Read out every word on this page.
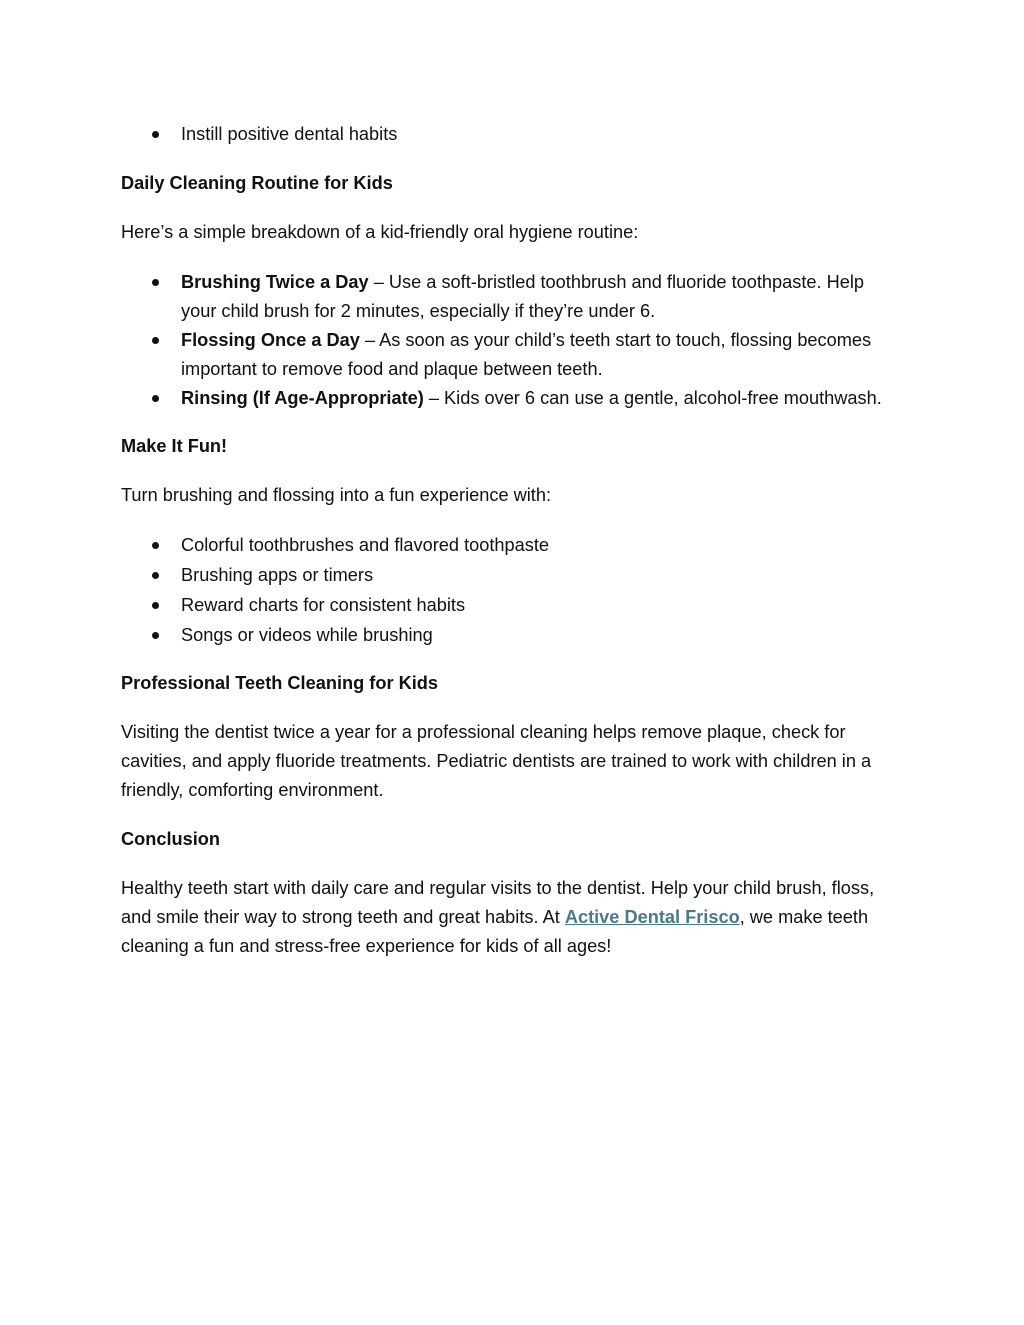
Instill positive dental habits

Daily Cleaning Routine for Kids

Here’s a simple breakdown of a kid-friendly oral hygiene routine:

Brushing Twice a Day – Use a soft-bristled toothbrush and fluoride toothpaste. Help your child brush for 2 minutes, especially if they’re under 6.
Flossing Once a Day – As soon as your child’s teeth start to touch, flossing becomes important to remove food and plaque between teeth.
Rinsing (If Age-Appropriate) – Kids over 6 can use a gentle, alcohol-free mouthwash.

Make It Fun!

Turn brushing and flossing into a fun experience with:

Colorful toothbrushes and flavored toothpaste
Brushing apps or timers
Reward charts for consistent habits
Songs or videos while brushing

Professional Teeth Cleaning for Kids

Visiting the dentist twice a year for a professional cleaning helps remove plaque, check for cavities, and apply fluoride treatments. Pediatric dentists are trained to work with children in a friendly, comforting environment.

Conclusion

Healthy teeth start with daily care and regular visits to the dentist. Help your child brush, floss, and smile their way to strong teeth and great habits. At Active Dental Frisco, we make teeth cleaning a fun and stress-free experience for kids of all ages!
